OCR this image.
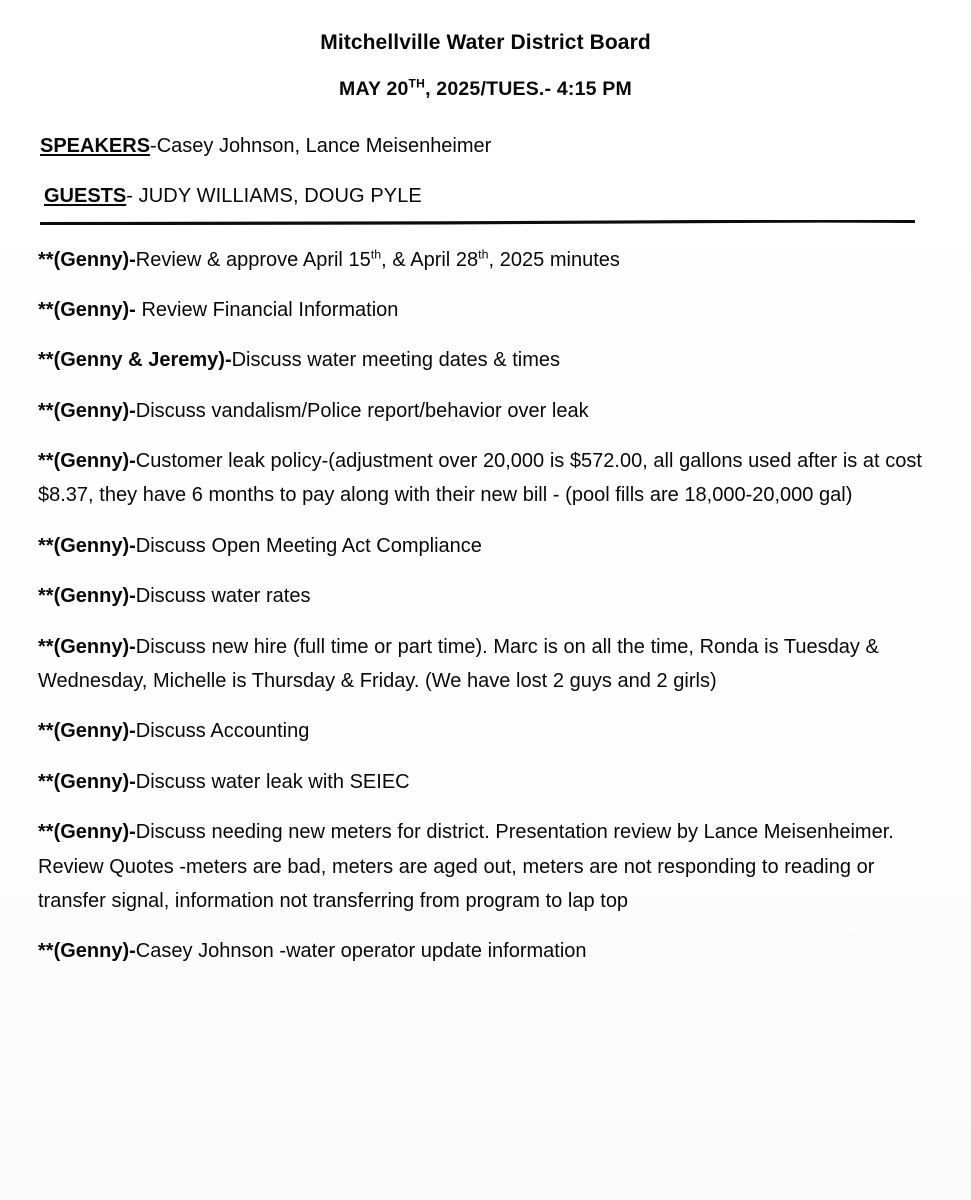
Mitchellville Water District Board
MAY 20TH, 2025/TUES.- 4:15 PM

SPEAKERS-Casey Johnson, Lance Meisenheimer

GUESTS- JUDY WILLIAMS, DOUG PYLE

**(Genny)-Review & approve April 15th, & April 28th, 2025 minutes

**(Genny)- Review Financial Information

**(Genny & Jeremy)-Discuss water meeting dates & times

**(Genny)-Discuss vandalism/Police report/behavior over leak

**(Genny)-Customer leak policy-(adjustment over 20,000 is $572.00, all gallons used after is at cost $8.37, they have 6 months to pay along with their new bill - (pool fills are 18,000-20,000 gal)

**(Genny)-Discuss Open Meeting Act Compliance

**(Genny)-Discuss water rates

**(Genny)-Discuss new hire (full time or part time). Marc is on all the time, Ronda is Tuesday & Wednesday, Michelle is Thursday & Friday. (We have lost 2 guys and 2 girls)

**(Genny)-Discuss Accounting

**(Genny)-Discuss water leak with SEIEC

**(Genny)-Discuss needing new meters for district. Presentation review by Lance Meisenheimer. Review Quotes -meters are bad, meters are aged out, meters are not responding to reading or transfer signal, information not transferring from program to lap top

**(Genny)-Casey Johnson -water operator update information
